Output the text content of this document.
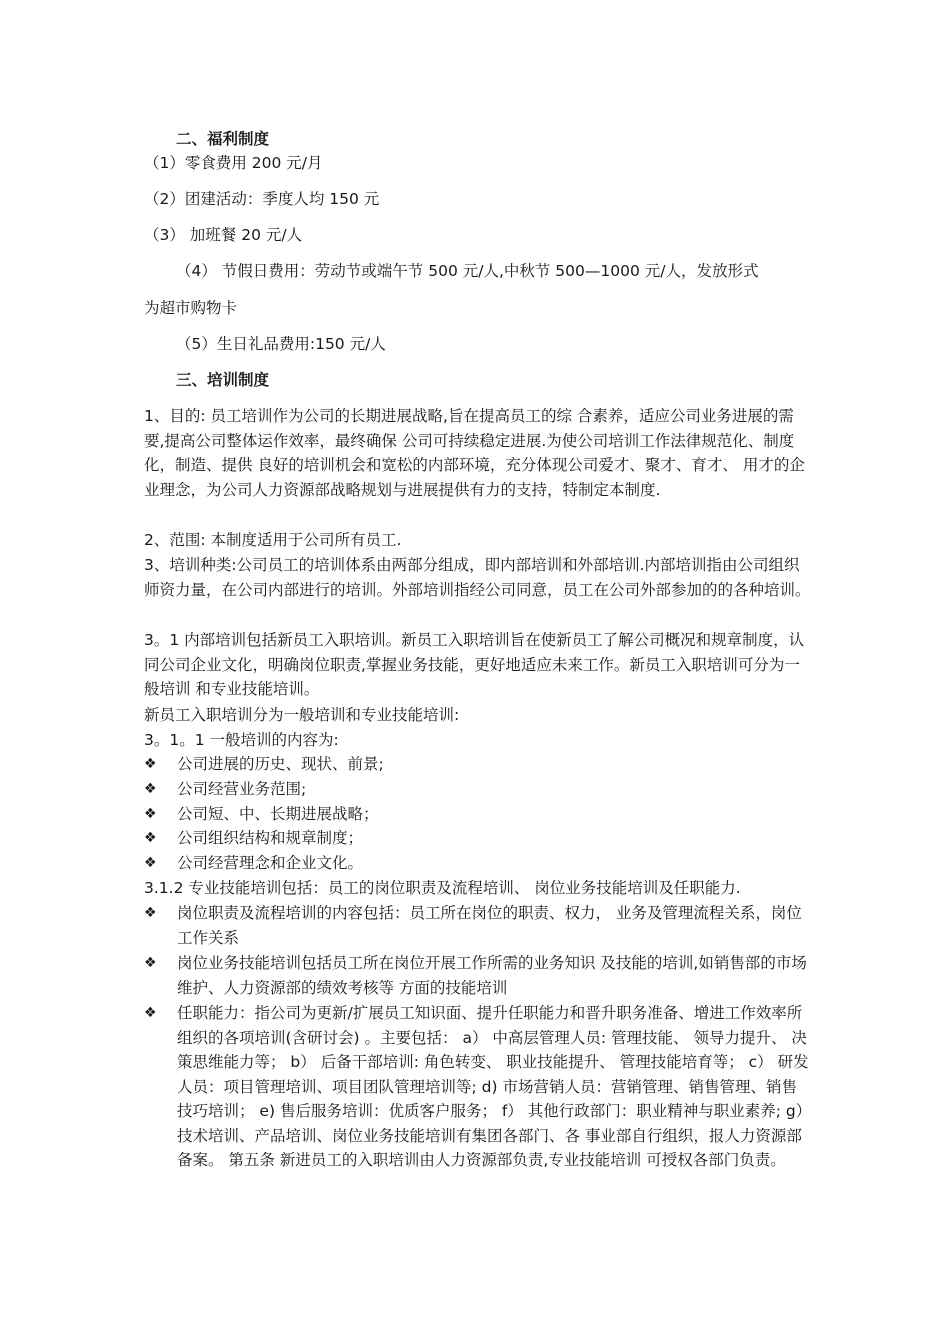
二、福利制度
（1）零食费用 200 元/月
（2）团建活动：季度人均 150 元
（3） 加班餐 20 元/人
（4） 节假日费用：劳动节或端午节 500 元/人,中秋节 500—1000 元/人，发放形式
为超市购物卡
（5）生日礼品费用:150 元/人
三、培训制度
1、目的: 员工培训作为公司的长期进展战略,旨在提高员工的综 合素养，适应公司业务进展的需要,提高公司整体运作效率，最终确保 公司可持续稳定进展.为使公司培训工作法律规范化、制度化，制造、提供 良好的培训机会和宽松的内部环境，充分体现公司爱才、聚才、育才、 用才的企业理念，为公司人力资源部战略规划与进展提供有力的支持，特制定本制度.
2、范围: 本制度适用于公司所有员工.
3、培训种类:公司员工的培训体系由两部分组成，即内部培训和外部培训.内部培训指由公司组织师资力量，在公司内部进行的培训。外部培训指经公司同意，员工在公司外部参加的的各种培训。
3。1 内部培训包括新员工入职培训。新员工入职培训旨在使新员工了解公司概况和规章制度，认同公司企业文化，明确岗位职责,掌握业务技能，更好地适应未来工作。新员工入职培训可分为一般培训 和专业技能培训。
新员工入职培训分为一般培训和专业技能培训:
3。1。1 一般培训的内容为:
❖	公司进展的历史、现状、前景;
❖	公司经营业务范围;
❖	公司短、中、长期进展战略；
❖	公司组织结构和规章制度；
❖	公司经营理念和企业文化。
3.1.2 专业技能培训包括：员工的岗位职责及流程培训、 岗位业务技能培训及任职能力.
❖	岗位职责及流程培训的内容包括：员工所在岗位的职责、权力， 业务及管理流程关系，岗位工作关系
❖	岗位业务技能培训包括员工所在岗位开展工作所需的业务知识 及技能的培训,如销售部的市场维护、人力资源部的绩效考核等 方面的技能培训
❖	任职能力：指公司为更新/扩展员工知识面、提升任职能力和晋升职务准备、增进工作效率所组织的各项培训(含研讨会) 。主要包括： a） 中高层管理人员: 管理技能、 领导力提升、 决策思维能力等； b） 后备干部培训: 角色转变、 职业技能提升、 管理技能培育等； c） 研发人员：项目管理培训、项目团队管理培训等; d) 市场营销人员：营销管理、销售管理、销售技巧培训； e) 售后服务培训：优质客户服务； f） 其他行政部门：职业精神与职业素养; g） 技术培训、产品培训、岗位业务技能培训有集团各部门、各 事业部自行组织，报人力资源部备案。 第五条 新进员工的入职培训由人力资源部负责,专业技能培训 可授权各部门负责。
